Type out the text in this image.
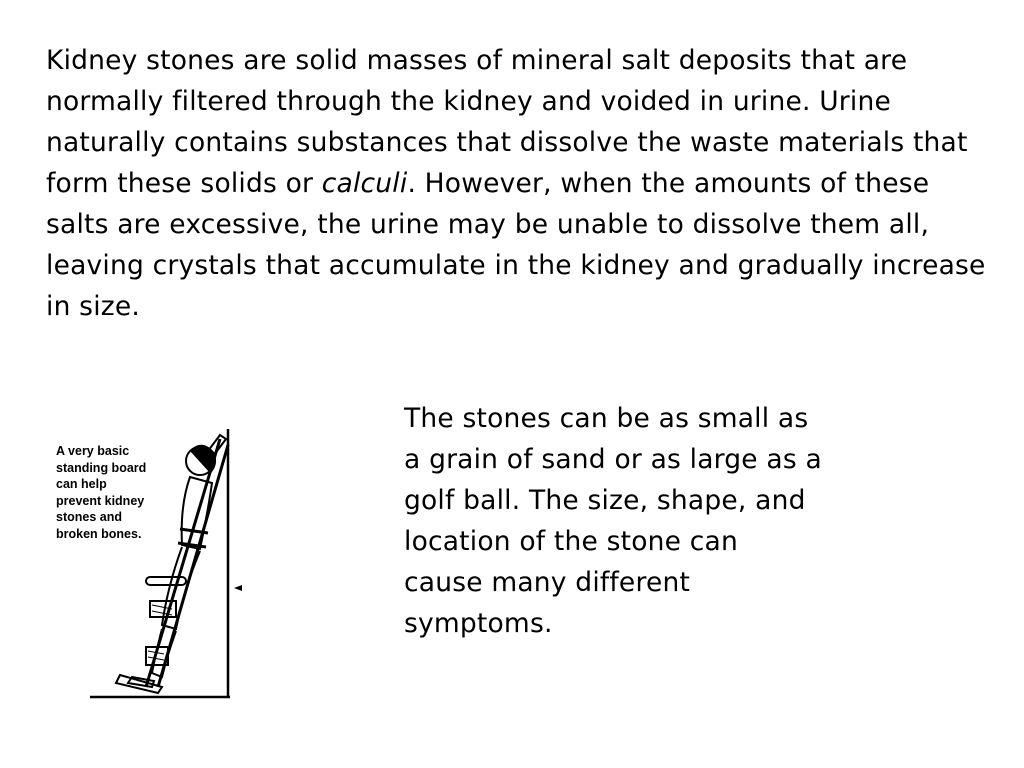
Kidney stones are solid masses of mineral salt deposits that are normally filtered through the kidney and voided in urine. Urine naturally contains substances that dissolve the waste materials that form these solids or calculi. However, when the amounts of these salts are excessive, the urine may be unable to dissolve them all, leaving crystals that accumulate in the kidney and gradually increase in size.

A very basic
standing board
can help
prevent kidney
stones and
broken bones.

The stones can be as small as
a grain of sand or as large as a
golf ball. The size, shape, and
location of the stone can
cause many different
symptoms.
